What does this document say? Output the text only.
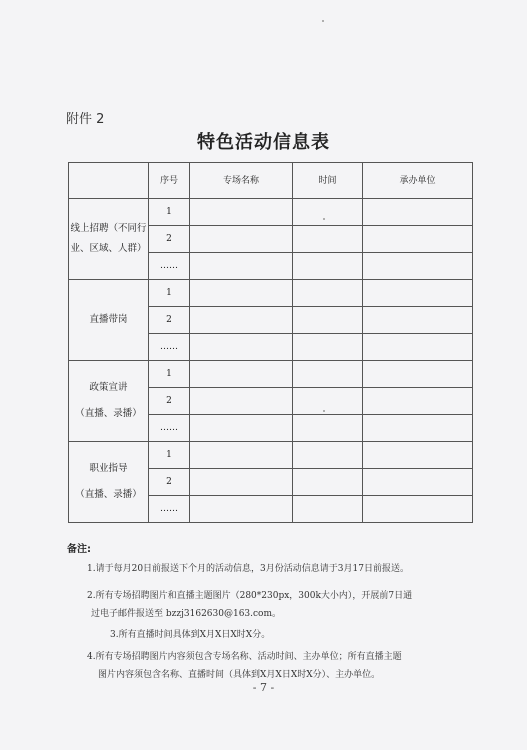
附件 2
特色活动信息表
	序号	专场名称	时间	承办单位

线上招聘（不同行
业、区域、人群）	1			
	2			
	……			

直播带岗	1			
	2			
	……			

政策宣讲
（直播、录播）	1			
	2			
	……			

职业指导
（直播、录播）	1			
	2			
	……			
备注:
1.请于每月20日前报送下个月的活动信息，3月份活动信息请于3月17日前报送。
2.所有专场招聘图片和直播主题图片（280*230px，300k大小内），开展前7日通
过电子邮件报送至 bzzj3162630@163.com。
3.所有直播时间具体到X月X日X时X分。
4.所有专场招聘图片内容须包含专场名称、活动时间、主办单位；所有直播主题
图片内容须包含名称、直播时间（具体到X月X日X时X分）、主办单位。
- 7 -
